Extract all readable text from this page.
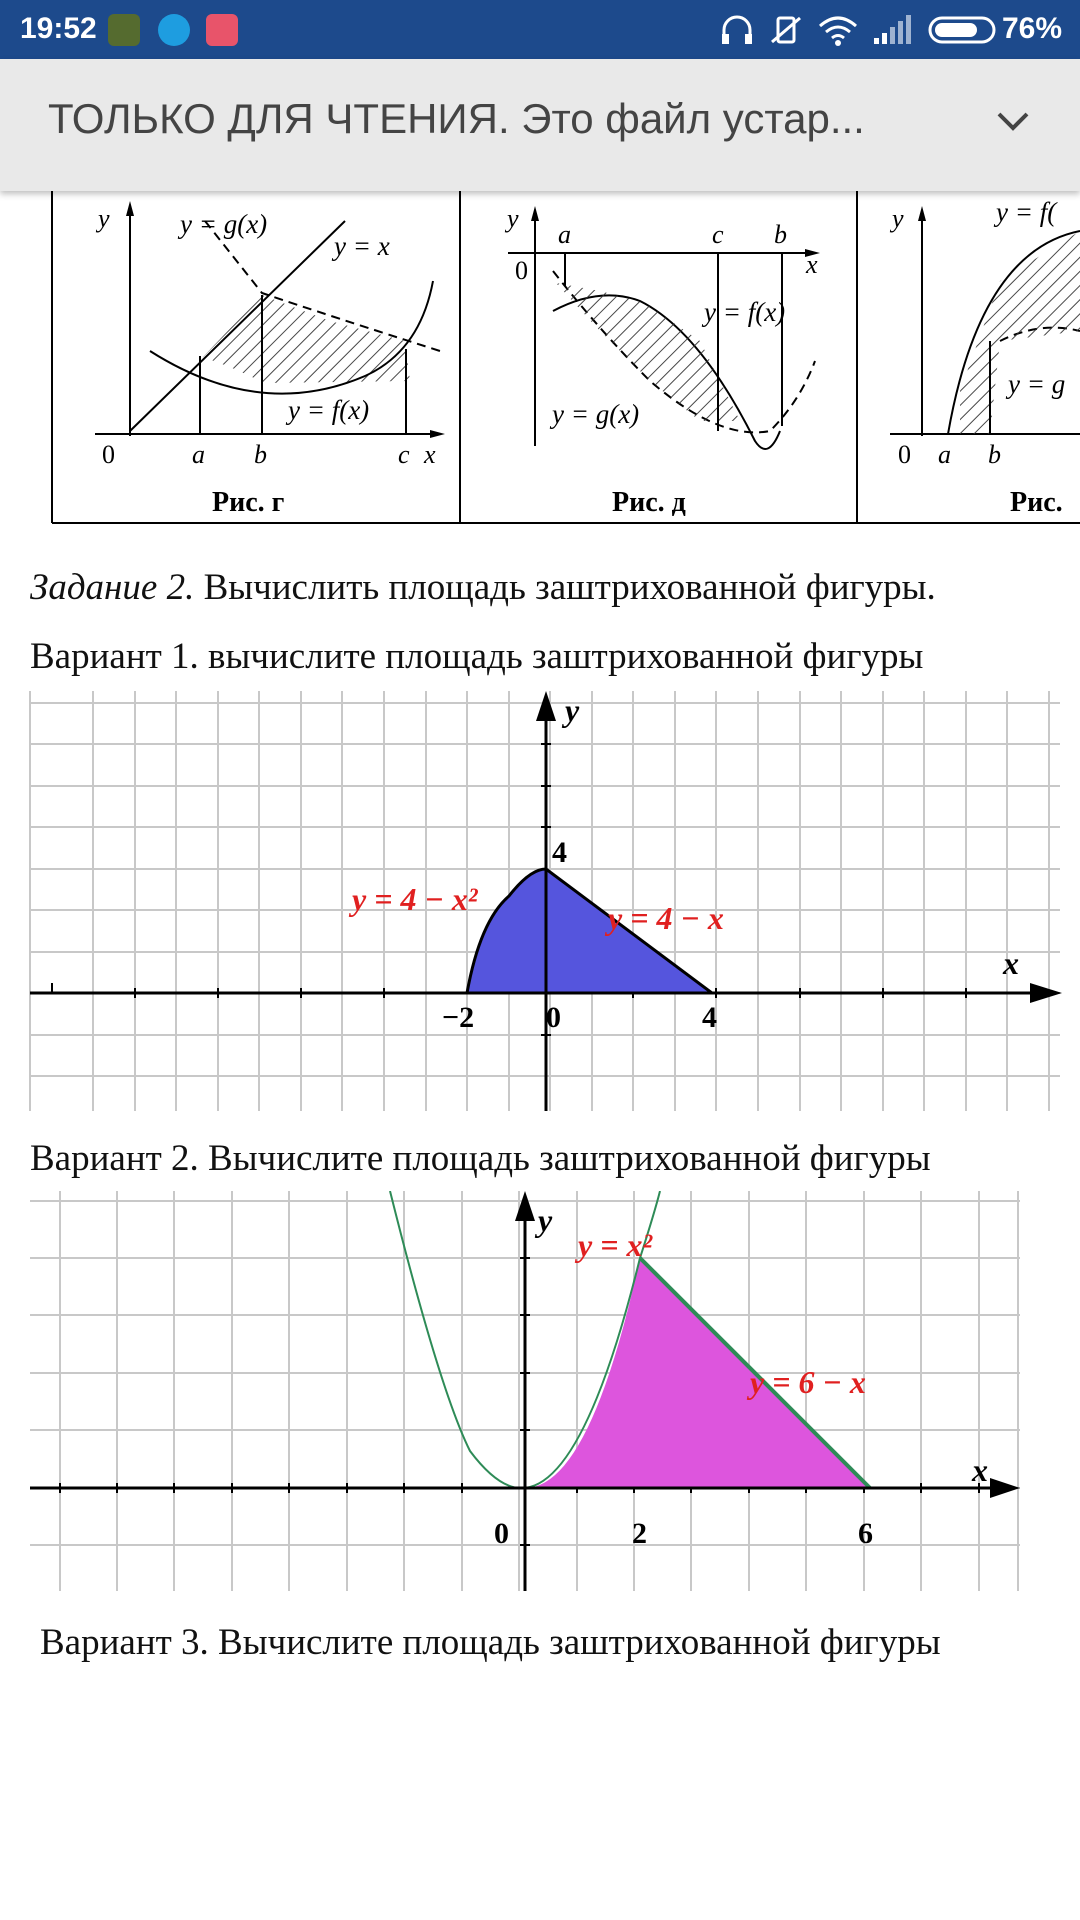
19:52	76%
ТОЛЬКО ДЛЯ ЧТЕНИЯ. Это файл устар...
y	y = g(x)
y = x
y = f(x)
0	a b	c x
Рис. г
y
0
a	c b
x
y = f(x)
y = g(x)
Рис. д
y	y = f(
y = g
0 a b
Рис.
Задание 2. Вычислить площадь заштрихованной фигуры.
Вариант 1. вычислите площадь заштрихованной фигуры
y
x
−2 0	4
4
y = 4 − x²
y = 4 − x
Вариант 2. Вычислите площадь заштрихованной фигуры
y
x
0	2	6
y = x²
y = 6 − x
Вариант 3. Вычислите площадь заштрихованной фигуры
